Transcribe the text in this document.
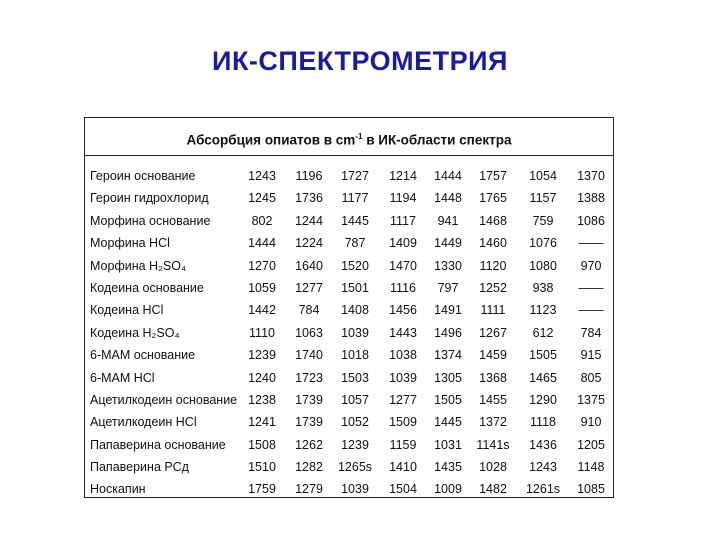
ИК-СПЕКТРОМЕТРИЯ
Абсорбция опиатов в $cm^{-1}$ в ИК-области спектра
Героин основание	1243	1196	1727	1214	1444	1757	1054	1370
Героин гидрохлорид	1245	1736	1177	1194	1448	1765	1157	1388
Морфина основание	802	1244	1445	1117	941	1468	759	1086
Морфина HCl	1444	1224	787	1409	1449	1460	1076	——
Морфина H₂SO₄	1270	1640	1520	1470	1330	1120	1080	970
Кодеина основание	1059	1277	1501	1116	797	1252	938	——
Кодеина HCl	1442	784	1408	1456	1491	1111	1123	——
Кодеина H₂SO₄	1110	1063	1039	1443	1496	1267	612	784
6-МАМ основание	1239	1740	1018	1038	1374	1459	1505	915
6-МАМ HCl	1240	1723	1503	1039	1305	1368	1465	805
Ацетилкодеин основание 1238	1739	1057	1277	1505	1455	1290	1375
Ацетилкодеин HCl	1241	1739	1052	1509	1445	1372	1118	910
Папаверина основание	1508	1262	1239	1159	1031	1141s	1436	1205
Папаверина РСд	1510	1282	1265s	1410	1435	1028	1243	1148
Носкапин	1759	1279	1039	1504	1009	1482	1261s	1085
